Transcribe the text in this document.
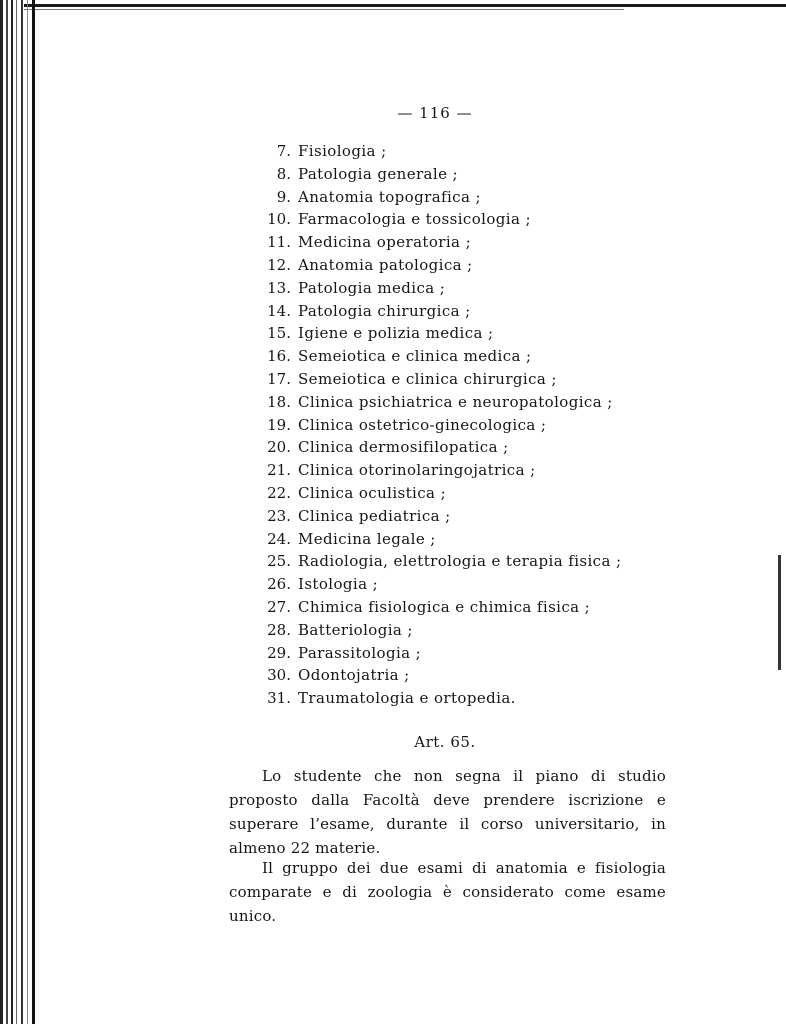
— 116 —
7. Fisiologia ;
8. Patologia generale ;
9. Anatomia topografica ;
10. Farmacologia e tossicologia ;
11. Medicina operatoria ;
12. Anatomia patologica ;
13. Patologia medica ;
14. Patologia chirurgica ;
15. Igiene e polizia medica ;
16. Semeiotica e clinica medica ;
17. Semeiotica e clinica chirurgica ;
18. Clinica psichiatrica e neuropatologica ;
19. Clinica ostetrico-ginecologica ;
20. Clinica dermosifilopatica ;
21. Clinica otorinolaringojatrica ;
22. Clinica oculistica ;
23. Clinica pediatrica ;
24. Medicina legale ;
25. Radiologia, elettrologia e terapia fisica ;
26. Istologia ;
27. Chimica fisiologica e chimica fisica ;
28. Batteriologia ;
29. Parassitologia ;
30. Odontojatria ;
31. Traumatologia e ortopedia.
Art. 65.

Lo studente che non segna il piano di studio proposto dalla Facoltà deve prendere iscrizione e superare l’esame, durante il corso universitario, in almeno 22 materie.

Il gruppo dei due esami di anatomia e fisiologia comparate e di zoologia è considerato come esame unico.
